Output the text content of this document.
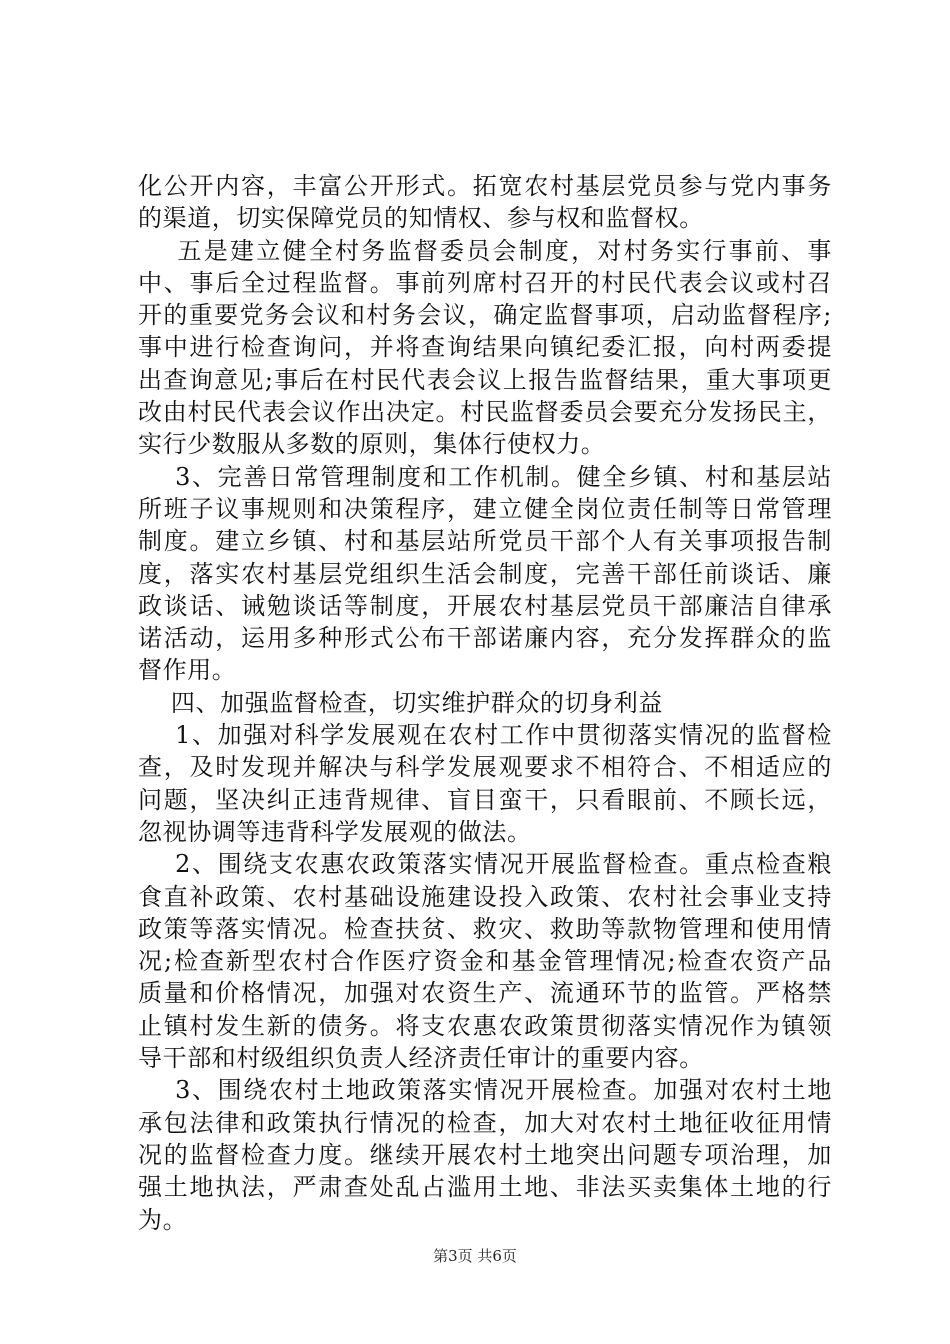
化公开内容，丰富公开形式。拓宽农村基层党员参与党内事务
的渠道，切实保障党员的知情权、参与权和监督权。
五是建立健全村务监督委员会制度，对村务实行事前、事
中、事后全过程监督。事前列席村召开的村民代表会议或村召
开的重要党务会议和村务会议，确定监督事项，启动监督程序;
事中进行检查询问，并将查询结果向镇纪委汇报，向村两委提
出查询意见;事后在村民代表会议上报告监督结果，重大事项更
改由村民代表会议作出决定。村民监督委员会要充分发扬民主，
实行少数服从多数的原则，集体行使权力。
3、完善日常管理制度和工作机制。健全乡镇、村和基层站
所班子议事规则和决策程序，建立健全岗位责任制等日常管理
制度。建立乡镇、村和基层站所党员干部个人有关事项报告制
度，落实农村基层党组织生活会制度，完善干部任前谈话、廉
政谈话、诫勉谈话等制度，开展农村基层党员干部廉洁自律承
诺活动，运用多种形式公布干部诺廉内容，充分发挥群众的监
督作用。
四、加强监督检查，切实维护群众的切身利益
1、加强对科学发展观在农村工作中贯彻落实情况的监督检
查，及时发现并解决与科学发展观要求不相符合、不相适应的
问题，坚决纠正违背规律、盲目蛮干，只看眼前、不顾长远，
忽视协调等违背科学发展观的做法。
2、围绕支农惠农政策落实情况开展监督检查。重点检查粮
食直补政策、农村基础设施建设投入政策、农村社会事业支持
政策等落实情况。检查扶贫、救灾、救助等款物管理和使用情
况;检查新型农村合作医疗资金和基金管理情况;检查农资产品
质量和价格情况，加强对农资生产、流通环节的监管。严格禁
止镇村发生新的债务。将支农惠农政策贯彻落实情况作为镇领
导干部和村级组织负责人经济责任审计的重要内容。
3、围绕农村土地政策落实情况开展检查。加强对农村土地
承包法律和政策执行情况的检查，加大对农村土地征收征用情
况的监督检查力度。继续开展农村土地突出问题专项治理，加
强土地执法，严肃查处乱占滥用土地、非法买卖集体土地的行
为。
第3页 共6页
